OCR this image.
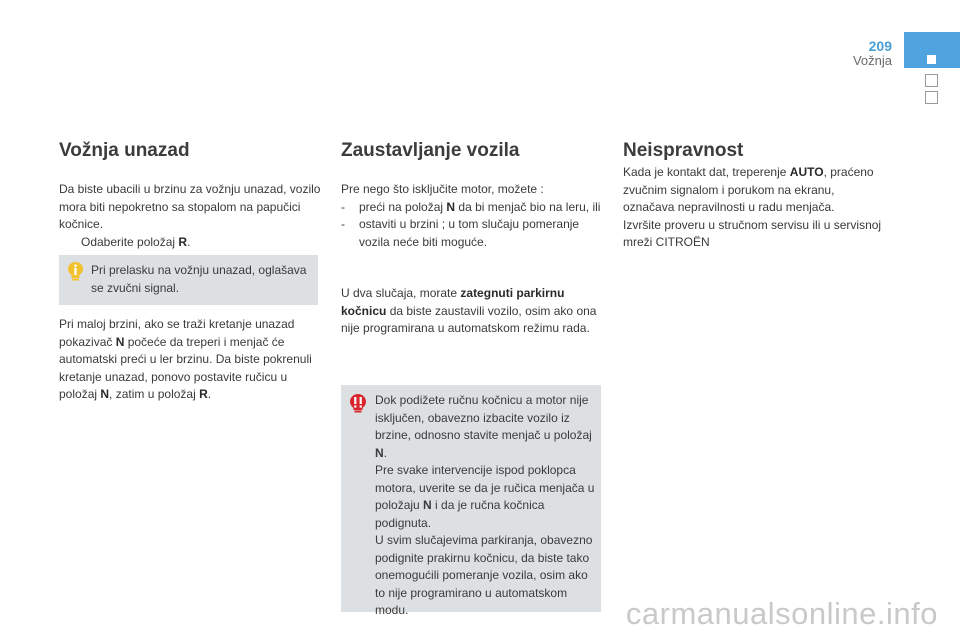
209
Vožnja
Vožnja unazad
Da biste ubacili u brzinu za vožnju unazad, vozilo mora biti nepokretno sa stopalom na papučici kočnice.
Odaberite položaj R.
Pri prelasku na vožnju unazad, oglašava se zvučni signal.
Pri maloj brzini, ako se traži kretanje unazad pokazivač N počeće da treperi i menjač će automatski preći u ler brzinu. Da biste pokrenuli kretanje unazad, ponovo postavite ručicu u položaj N, zatim u položaj R.
Zaustavljanje vozila
Pre nego što isključite motor, možete :
-	preći na položaj N da bi menjač bio na leru, ili
-	ostaviti u brzini ; u tom slučaju pomeranje vozila neće biti moguće.
U dva slučaja, morate zategnuti parkirnu kočnicu da biste zaustavili vozilo, osim ako ona nije programirana u automatskom režimu rada.
Dok podižete ručnu kočnicu a motor nije isključen, obavezno izbacite vozilo iz brzine, odnosno stavite menjač u položaj N.
Pre svake intervencije ispod poklopca motora, uverite se da je ručica menjača u položaju N i da je ručna kočnica podignuta.
U svim slučajevima parkiranja, obavezno podignite prakirnu kočnicu, da biste tako onemogućili pomeranje vozila, osim ako to nije programirano u automatskom modu.
Neispravnost
Kada je kontakt dat, treperenje AUTO, praćeno zvučnim signalom i porukom na ekranu, označava nepravilnosti u radu menjača.
Izvršite proveru u stručnom servisu ili u servisnoj mreži CITROËN
carmanualsonline.info
